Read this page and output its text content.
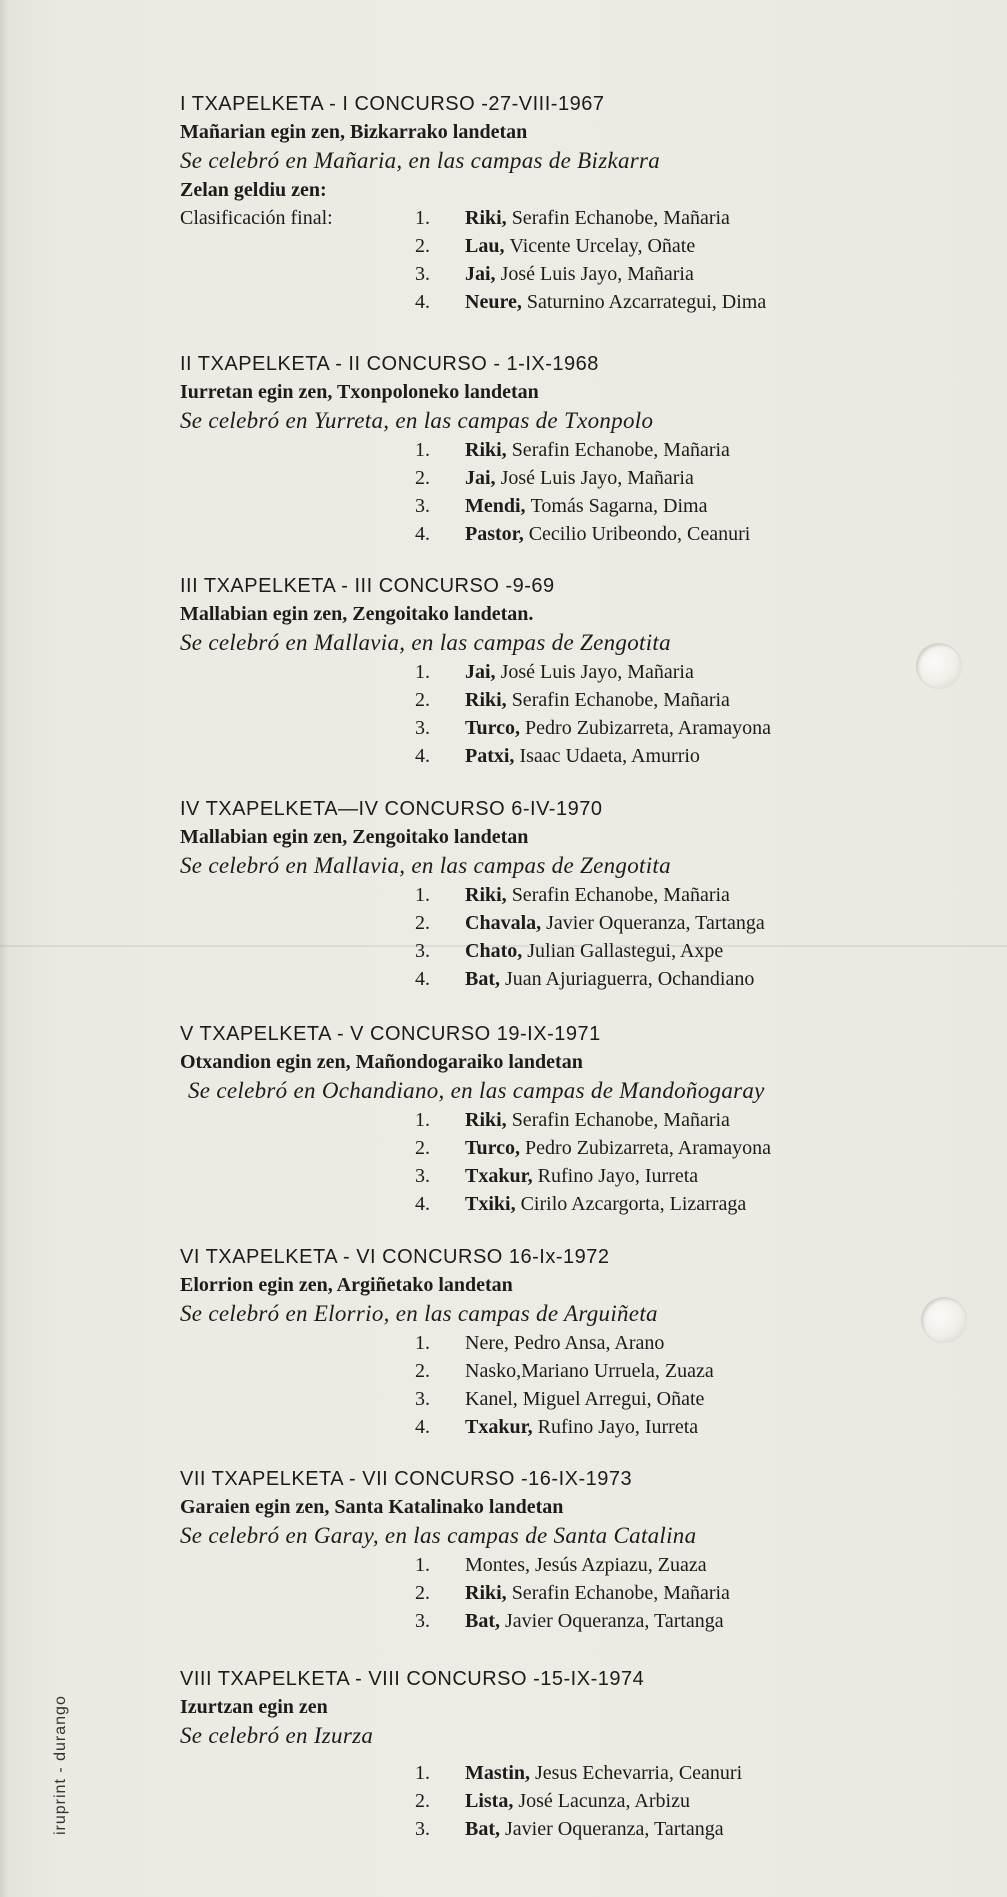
I TXAPELKETA - I CONCURSO -27-VIII-1967

Mañarian egin zen, Bizkarrako landetan

Se celebró en Mañaria, en las campas de Bizkarra

Zelan geldiu zen:

Clasificación final:	1.	Riki, Serafin Echanobe, Mañaria
2.	Lau, Vicente Urcelay, Oñate
3.	Jai, José Luis Jayo, Mañaria
4.	Neure, Saturnino Azcarrategui, Dima

II TXAPELKETA - II CONCURSO - 1-IX-1968

Iurretan egin zen, Txonpoloneko landetan

Se celebró en Yurreta, en las campas de Txonpolo

1.	Riki, Serafin Echanobe, Mañaria
2.	Jai, José Luis Jayo, Mañaria
3.	Mendi, Tomás Sagarna, Dima
4.	Pastor, Cecilio Uribeondo, Ceanuri

III TXAPELKETA - III CONCURSO -9-69

Mallabian egin zen, Zengoitako landetan.

Se celebró en Mallavia, en las campas de Zengotita

1.	Jai, José Luis Jayo, Mañaria
2.	Riki, Serafin Echanobe, Mañaria
3.	Turco, Pedro Zubizarreta, Aramayona
4.	Patxi, Isaac Udaeta, Amurrio

IV TXAPELKETA—IV CONCURSO 6-IV-1970

Mallabian egin zen, Zengoitako landetan

Se celebró en Mallavia, en las campas de Zengotita

1.	Riki, Serafin Echanobe, Mañaria
2.	Chavala, Javier Oqueranza, Tartanga
3.	Chato, Julian Gallastegui, Axpe
4.	Bat, Juan Ajuriaguerra, Ochandiano

V TXAPELKETA - V CONCURSO 19-IX-1971

Otxandion egin zen, Mañondogaraiko landetan

Se celebró en Ochandiano, en las campas de Mandoñogaray

1.	Riki, Serafin Echanobe, Mañaria
2.	Turco, Pedro Zubizarreta, Aramayona
3.	Txakur, Rufino Jayo, Iurreta
4.	Txiki, Cirilo Azcargorta, Lizarraga

VI TXAPELKETA - VI CONCURSO 16-Ix-1972

Elorrion egin zen, Argiñetako landetan

Se celebró en Elorrio, en las campas de Arguiñeta

1.	Nere, Pedro Ansa, Arano
2.	Nasko,Mariano Urruela, Zuaza
3.	Kanel, Miguel Arregui, Oñate
4.	Txakur, Rufino Jayo, Iurreta

VII TXAPELKETA - VII CONCURSO -16-IX-1973

Garaien egin zen, Santa Katalinako landetan

Se celebró en Garay, en las campas de Santa Catalina

1.	Montes, Jesús Azpiazu, Zuaza
2.	Riki, Serafin Echanobe, Mañaria
3.	Bat, Javier Oqueranza, Tartanga

VIII TXAPELKETA - VIII CONCURSO -15-IX-1974

Izurtzan egin zen

Se celebró en Izurza

1.	Mastin, Jesus Echevarria, Ceanuri
2.	Lista, José Lacunza, Arbizu
3.	Bat, Javier Oqueranza, Tartanga
iruprint - durango
